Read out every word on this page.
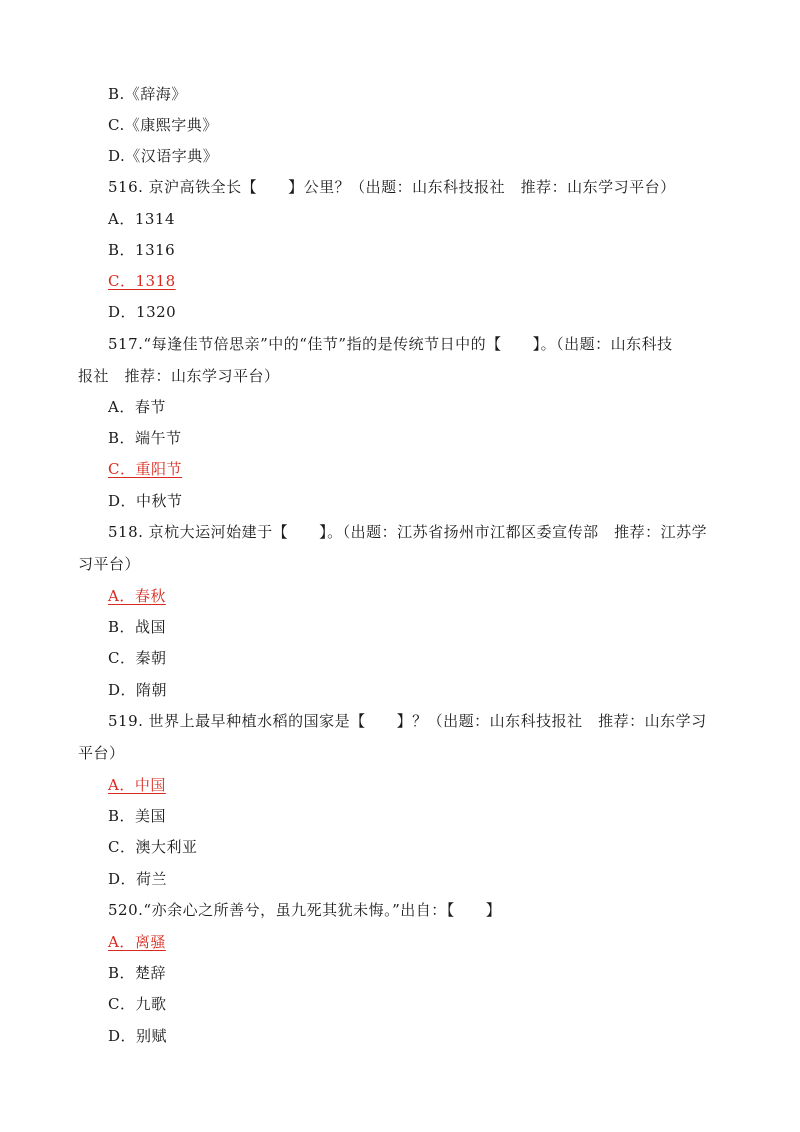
B.《辞海》
C.《康熙字典》
D.《汉语字典》
516. 京沪高铁全长【　　】公里？（出题：山东科技报社　推荐：山东学习平台）
A．1314
B．1316
C．1318
D．1320
517.“每逢佳节倍思亲”中的“佳节”指的是传统节日中的【　　】。（出题：山东科技
报社　推荐：山东学习平台）
A．春节
B．端午节
C．重阳节
D．中秋节
518. 京杭大运河始建于【　　】。（出题：江苏省扬州市江都区委宣传部　推荐：江苏学
习平台）
A．春秋
B．战国
C．秦朝
D．隋朝
519. 世界上最早种植水稻的国家是【　　】？（出题：山东科技报社　推荐：山东学习
平台）
A．中国
B．美国
C．澳大利亚
D．荷兰
520.“亦余心之所善兮，虽九死其犹未悔。”出自：【　　】
A．离骚
B．楚辞
C．九歌
D．别赋
